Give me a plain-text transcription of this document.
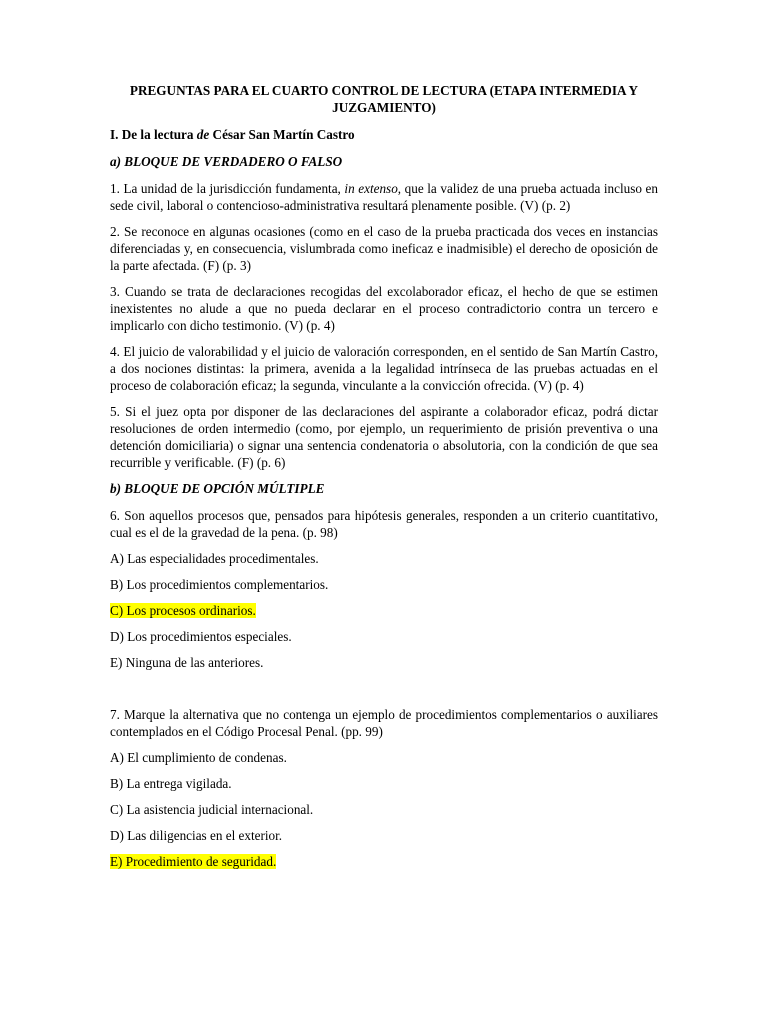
PREGUNTAS PARA EL CUARTO CONTROL DE LECTURA (ETAPA INTERMEDIA Y JUZGAMIENTO)
I. De la lectura de César San Martín Castro
a) BLOQUE DE VERDADERO O FALSO
1. La unidad de la jurisdicción fundamenta, in extenso, que la validez de una prueba actuada incluso en sede civil, laboral o contencioso-administrativa resultará plenamente posible. (V) (p. 2)
2. Se reconoce en algunas ocasiones (como en el caso de la prueba practicada dos veces en instancias diferenciadas y, en consecuencia, vislumbrada como ineficaz e inadmisible) el derecho de oposición de la parte afectada. (F) (p. 3)
3. Cuando se trata de declaraciones recogidas del excolaborador eficaz, el hecho de que se estimen inexistentes no alude a que no pueda declarar en el proceso contradictorio contra un tercero e implicarlo con dicho testimonio. (V) (p. 4)
4. El juicio de valorabilidad y el juicio de valoración corresponden, en el sentido de San Martín Castro, a dos nociones distintas: la primera, avenida a la legalidad intrínseca de las pruebas actuadas en el proceso de colaboración eficaz; la segunda, vinculante a la convicción ofrecida. (V) (p. 4)
5. Si el juez opta por disponer de las declaraciones del aspirante a colaborador eficaz, podrá dictar resoluciones de orden intermedio (como, por ejemplo, un requerimiento de prisión preventiva o una detención domiciliaria) o signar una sentencia condenatoria o absolutoria, con la condición de que sea recurrible y verificable. (F) (p. 6)
b) BLOQUE DE OPCIÓN MÚLTIPLE
6. Son aquellos procesos que, pensados para hipótesis generales, responden a un criterio cuantitativo, cual es el de la gravedad de la pena. (p. 98)
A) Las especialidades procedimentales.
B) Los procedimientos complementarios.
C) Los procesos ordinarios.
D) Los procedimientos especiales.
E) Ninguna de las anteriores.
7. Marque la alternativa que no contenga un ejemplo de procedimientos complementarios o auxiliares contemplados en el Código Procesal Penal. (pp. 99)
A) El cumplimiento de condenas.
B) La entrega vigilada.
C) La asistencia judicial internacional.
D) Las diligencias en el exterior.
E) Procedimiento de seguridad.
